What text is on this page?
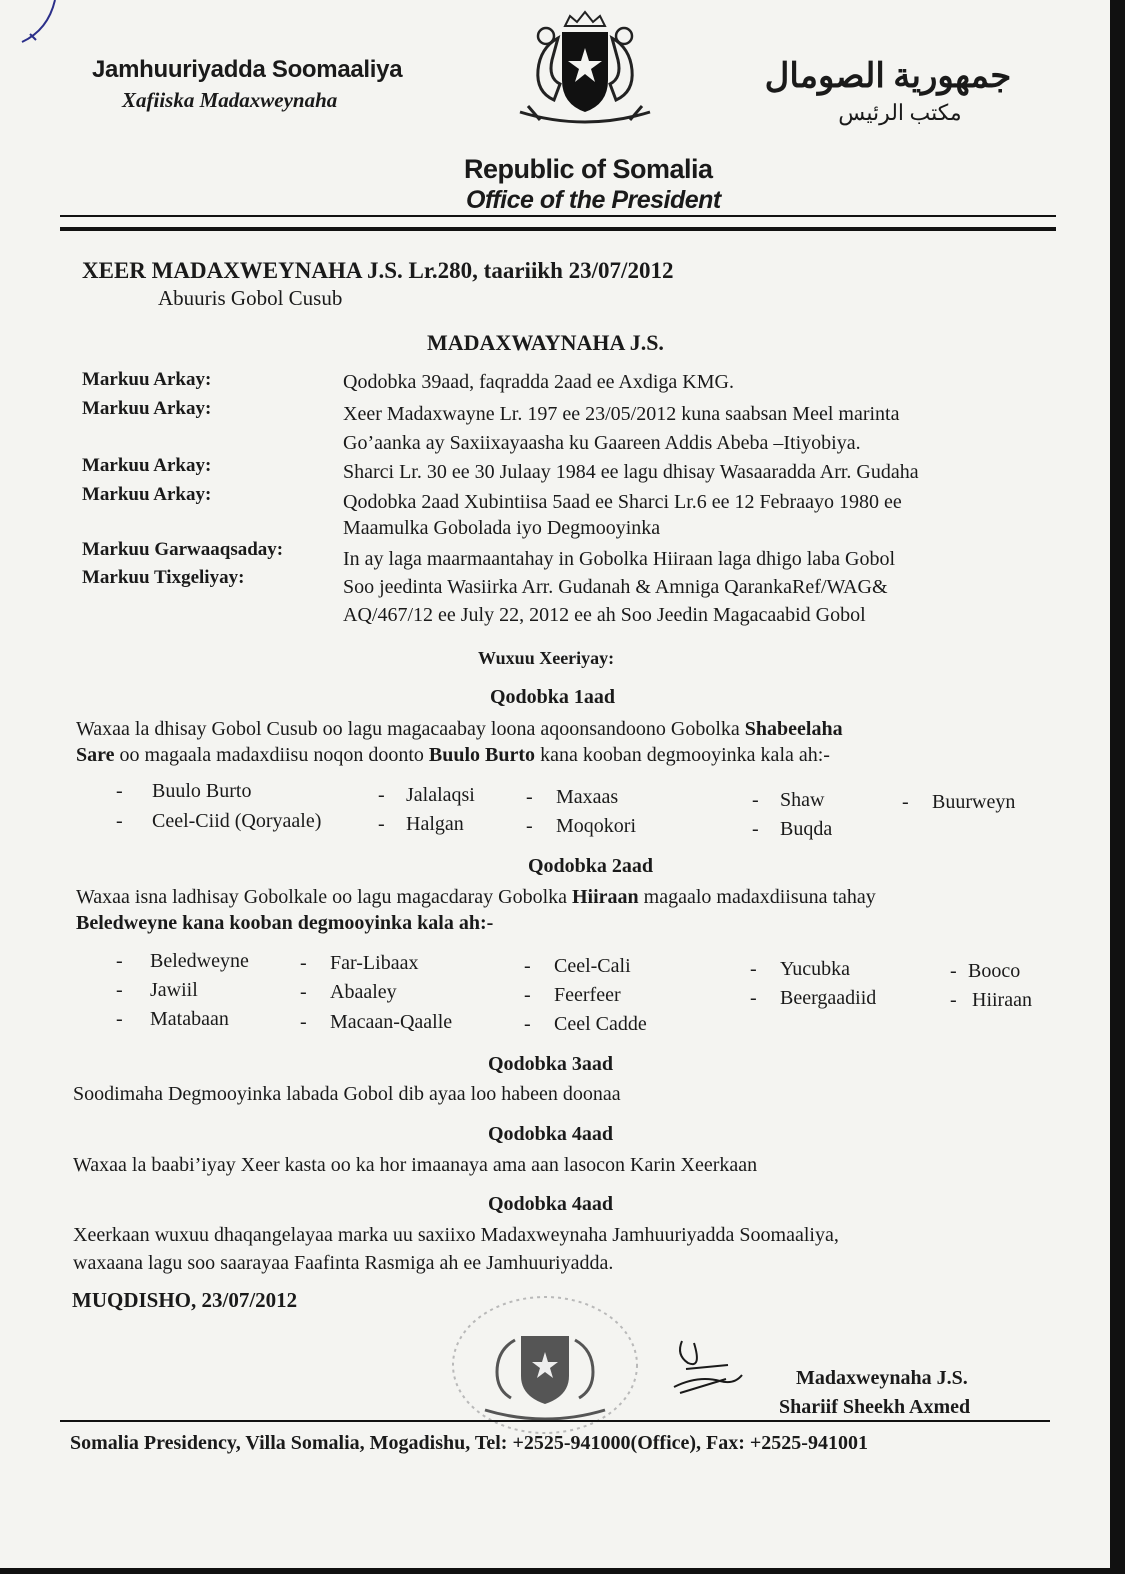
Jamhuuriyadda Soomaaliya
Xafiiska Madaxweynaha
جمهورية الصومال
مكتب الرئيس
Republic of Somalia
Office of the President
XEER MADAXWEYNAHA J.S. Lr.280, taariikh 23/07/2012
Abuuris Gobol Cusub
MADAXWAYNAHA J.S.
Markuu Arkay:	Qodobka 39aad, faqradda 2aad ee Axdiga KMG.
Markuu Arkay:	Xeer Madaxwayne Lr. 197 ee 23/05/2012 kuna saabsan Meel marinta
Go’aanka ay Saxiixayaasha ku Gaareen Addis Abeba –Itiyobiya.
Markuu Arkay:	Sharci Lr. 30 ee 30 Julaay 1984 ee lagu dhisay Wasaaradda Arr. Gudaha
Markuu Arkay:	Qodobka 2aad Xubintiisa 5aad ee Sharci Lr.6 ee 12 Febraayo 1980 ee
Maamulka Gobolada iyo Degmooyinka
Markuu Garwaaqsaday:	In ay laga maarmaantahay in Gobolka Hiiraan laga dhigo laba Gobol
Markuu Tixgeliyay:	Soo jeedinta Wasiirka Arr. Gudanah & Amniga QarankaRef/WAG&
AQ/467/12 ee July 22, 2012 ee ah Soo Jeedin Magacaabid Gobol
Wuxuu Xeeriyay:
Qodobka 1aad
Waxaa la dhisay Gobol Cusub oo lagu magacaabay loona aqoonsandoono Gobolka Shabeelaha
Sare oo magaala madaxdiisu noqon doonto Buulo Burto kana kooban degmooyinka kala ah:-
- Buulo Burto	- Jalalaqsi	- Maxaas	- Shaw	- Buurweyn
- Ceel-Ciid (Qoryaale)	- Halgan	- Moqokori	- Buqda
Qodobka 2aad
Waxaa isna ladhisay Gobolkale oo lagu magacdaray Gobolka Hiiraan magaalo madaxdiisuna tahay
Beledweyne kana kooban degmooyinka kala ah:-
- Beledweyne	- Far-Libaax	- Ceel-Cali	- Yucubka	- Booco
- Jawiil	- Abaaley	- Feerfeer	- Beergaadiid	- Hiiraan
- Matabaan	- Macaan-Qaalle	- Ceel Cadde
Qodobka 3aad
Soodimaha Degmooyinka labada Gobol dib ayaa loo habeen doonaa
Qodobka 4aad
Waxaa la baabi’iyay Xeer kasta oo ka hor imaanaya ama aan lasocon Karin Xeerkaan
Qodobka 4aad
Xeerkaan wuxuu dhaqangelayaa marka uu saxiixo Madaxweynaha Jamhuuriyadda Soomaaliya,
waxaana lagu soo saarayaa Faafinta Rasmiga ah ee Jamhuuriyadda.
MUQDISHO, 23/07/2012
Madaxweynaha J.S.
Shariif Sheekh Axmed
Somalia Presidency, Villa Somalia, Mogadishu, Tel: +2525-941000(Office), Fax: +2525-941001
